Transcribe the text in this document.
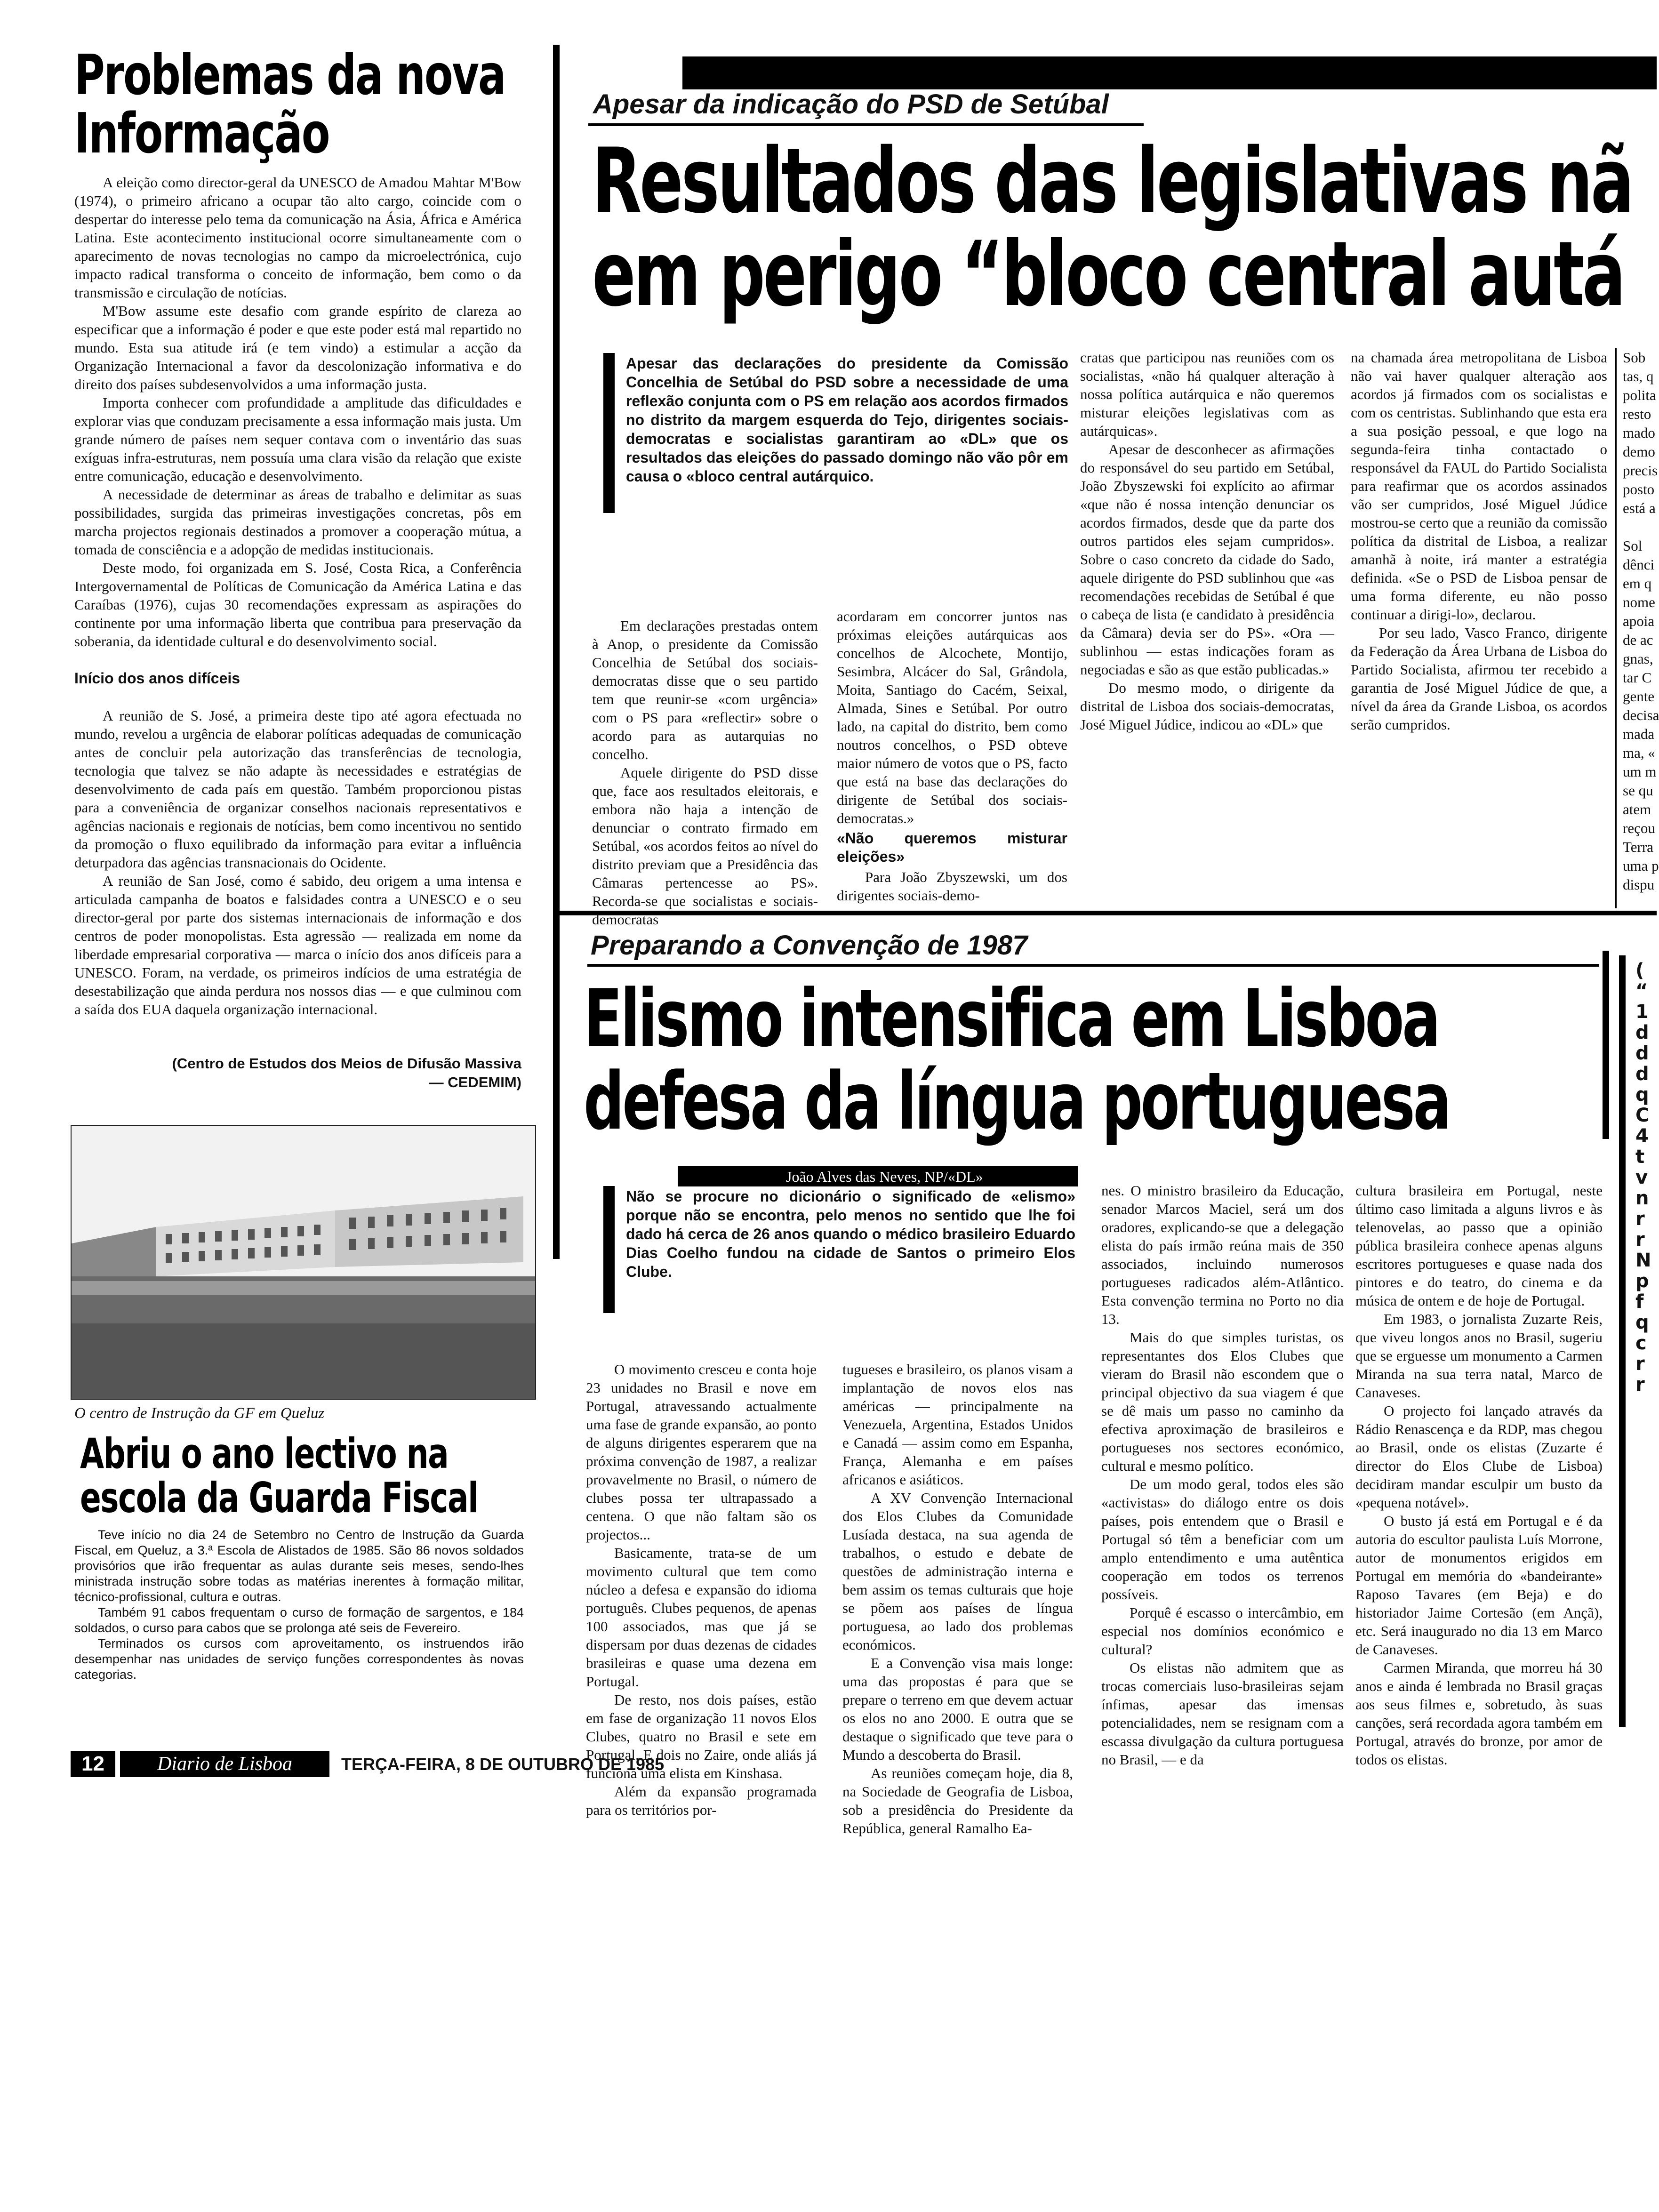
Problemas da nova
Informação

A eleição como director-geral da UNESCO de Amadou Mahtar M'Bow (1974), o primeiro africano a ocupar tão alto cargo, coincide com o despertar do interesse pelo tema da comunicação na Ásia, África e América Latina. Este acontecimento institucional ocorre simultaneamente com o aparecimento de novas tecnologias no campo da microelectrónica, cujo impacto radical transforma o conceito de informação, bem como o da transmissão e circulação de notícias.

M'Bow assume este desafio com grande espírito de clareza ao especificar que a informação é poder e que este poder está mal repartido no mundo. Esta sua atitude irá (e tem vindo) a estimular a acção da Organização Internacional a favor da descolonização informativa e do direito dos países subdesenvolvidos a uma informação justa.

Importa conhecer com profundidade a amplitude das dificuldades e explorar vias que conduzam precisamente a essa informação mais justa. Um grande número de países nem sequer contava com o inventário das suas exíguas infra-estruturas, nem possuía uma clara visão da relação que existe entre comunicação, educação e desenvolvimento.

A necessidade de determinar as áreas de trabalho e delimitar as suas possibilidades, surgida das primeiras investigações concretas, pôs em marcha projectos regionais destinados a promover a cooperação mútua, a tomada de consciência e a adopção de medidas institucionais.

Deste modo, foi organizada em S. José, Costa Rica, a Conferência Intergovernamental de Políticas de Comunicação da América Latina e das Caraíbas (1976), cujas 30 recomendações expressam as aspirações do continente por uma informação liberta que contribua para preservação da soberania, da identidade cultural e do desenvolvimento social.

Início dos anos difíceis

A reunião de S. José, a primeira deste tipo até agora efectuada no mundo, revelou a urgência de elaborar políticas adequadas de comunicação antes de concluir pela autorização das transferências de tecnologia, tecnologia que talvez se não adapte às necessidades e estratégias de desenvolvimento de cada país em questão. Também proporcionou pistas para a conveniência de organizar conselhos nacionais representativos e agências nacionais e regionais de notícias, bem como incentivou no sentido da promoção o fluxo equilibrado da informação para evitar a influência deturpadora das agências transnacionais do Ocidente.

A reunião de San José, como é sabido, deu origem a uma intensa e articulada campanha de boatos e falsidades contra a UNESCO e o seu director-geral por parte dos sistemas internacionais de informação e dos centros de poder monopolistas. Esta agressão — realizada em nome da liberdade empresarial corporativa — marca o início dos anos difíceis para a UNESCO. Foram, na verdade, os primeiros indícios de uma estratégia de desestabilização que ainda perdura nos nossos dias — e que culminou com a saída dos EUA daquela organização internacional.

(Centro de Estudos dos Meios de Difusão Massiva
— CEDEMIM)
O centro de Instrução da GF em Queluz
Abriu o ano lectivo na
escola da Guarda Fiscal

Teve início no dia 24 de Setembro no Centro de Instrução da Guarda Fiscal, em Queluz, a 3.ª Escola de Alistados de 1985. São 86 novos soldados provisórios que irão frequentar as aulas durante seis meses, sendo-lhes ministrada instrução sobre todas as matérias inerentes à formação militar, técnico-profissional, cultura e outras.

Também 91 cabos frequentam o curso de formação de sargentos, e 184 soldados, o curso para cabos que se prolonga até seis de Fevereiro.

Terminados os cursos com aproveitamento, os instruendos irão desempenhar nas unidades de serviço funções correspondentes às novas categorias.

12	Diario de Lisboa	TERÇA-FEIRA, 8 DE OUTUBRO DE 1985
Apesar da indicação do PSD de Setúbal
Resultados das legislativas nã
em perigo “bloco central autá
Apesar das declarações do presidente da Comissão Concelhia de Setúbal do PSD sobre a necessidade de uma reflexão conjunta com o PS em relação aos acordos firmados no distrito da margem esquerda do Tejo, dirigentes sociais-democratas e socialistas garantiram ao «DL» que os resultados das eleições do passado domingo não vão pôr em causa o «bloco central autárquico.

Em declarações prestadas ontem à Anop, o presidente da Comissão Concelhia de Setúbal dos sociais-democratas disse que o seu partido tem que reunir-se «com urgência» com o PS para «reflectir» sobre o acordo para as autarquias no concelho.

Aquele dirigente do PSD disse que, face aos resultados eleitorais, e embora não haja a intenção de denunciar o contrato firmado em Setúbal, «os acordos feitos ao nível do distrito previam que a Presidência das Câmaras pertencesse ao PS». Recorda-se que socialistas e sociais-democratas

acordaram em concorrer juntos nas próximas eleições autárquicas aos concelhos de Alcochete, Montijo, Sesimbra, Alcácer do Sal, Grândola, Moita, Santiago do Cacém, Seixal, Almada, Sines e Setúbal. Por outro lado, na capital do distrito, bem como noutros concelhos, o PSD obteve maior número de votos que o PS, facto que está na base das declarações do dirigente de Setúbal dos sociais-democratas.»

«Não queremos misturar eleições»

Para João Zbyszewski, um dos dirigentes sociais-demo-

cratas que participou nas reuniões com os socialistas, «não há qualquer alteração à nossa política autárquica e não queremos misturar eleições legislativas com as autárquicas».

Apesar de desconhecer as afirmações do responsável do seu partido em Setúbal, João Zbyszewski foi explícito ao afirmar «que não é nossa intenção denunciar os acordos firmados, desde que da parte dos outros partidos eles sejam cumpridos». Sobre o caso concreto da cidade do Sado, aquele dirigente do PSD sublinhou que «as recomendações recebidas de Setúbal é que o cabeça de lista (e candidato à presidência da Câmara) devia ser do PS». «Ora — sublinhou — estas indicações foram as negociadas e são as que estão publicadas.»

Do mesmo modo, o dirigente da distrital de Lisboa dos sociais-democratas, José Miguel Júdice, indicou ao «DL» que

na chamada área metropolitana de Lisboa não vai haver qualquer alteração aos acordos já firmados com os socialistas e com os centristas. Sublinhando que esta era a sua posição pessoal, e que logo na segunda-feira tinha contactado o responsável da FAUL do Partido Socialista para reafirmar que os acordos assinados vão ser cumpridos, José Miguel Júdice mostrou-se certo que a reunião da comissão política da distrital de Lisboa, a realizar amanhã à noite, irá manter a estratégia definida. «Se o PSD de Lisboa pensar de uma forma diferente, eu não posso continuar a dirigi-lo», declarou.

Por seu lado, Vasco Franco, dirigente da Federação da Área Urbana de Lisboa do Partido Socialista, afirmou ter recebido a garantia de José Miguel Júdice de que, a nível da área da Grande Lisboa, os acordos serão cumpridos.

Sob
tas, q
polita
resto
mado
demo
precis
posto
está a
Sol
dênci
em q
nome
apoia
de ac
gnas,
tar C
gente
decisa
mada
ma, «
um m
se qu
atem
reçou
Terra
uma p
dispu
Preparando a Convenção de 1987
Elismo intensifica em Lisboa
defesa da língua portuguesa
João Alves das Neves, NP/«DL»
Não se procure no dicionário o significado de «elismo» porque não se encontra, pelo menos no sentido que lhe foi dado há cerca de 26 anos quando o médico brasileiro Eduardo Dias Coelho fundou na cidade de Santos o primeiro Elos Clube.

O movimento cresceu e conta hoje 23 unidades no Brasil e nove em Portugal, atravessando actualmente uma fase de grande expansão, ao ponto de alguns dirigentes esperarem que na próxima convenção de 1987, a realizar provavelmente no Brasil, o número de clubes possa ter ultrapassado a centena. O que não faltam são os projectos...

Basicamente, trata-se de um movimento cultural que tem como núcleo a defesa e expansão do idioma português. Clubes pequenos, de apenas 100 associados, mas que já se dispersam por duas dezenas de cidades brasileiras e quase uma dezena em Portugal.

De resto, nos dois países, estão em fase de organização 11 novos Elos Clubes, quatro no Brasil e sete em Portugal. E dois no Zaire, onde aliás já funciona uma elista em Kinshasa.

Além da expansão programada para os territórios por-

tugueses e brasileiro, os planos visam a implantação de novos elos nas américas — principalmente na Venezuela, Argentina, Estados Unidos e Canadá — assim como em Espanha, França, Alemanha e em países africanos e asiáticos.

A XV Convenção Internacional dos Elos Clubes da Comunidade Lusíada destaca, na sua agenda de trabalhos, o estudo e debate de questões de administração interna e bem assim os temas culturais que hoje se põem aos países de língua portuguesa, ao lado dos problemas económicos.

E a Convenção visa mais longe: uma das propostas é para que se prepare o terreno em que devem actuar os elos no ano 2000. E outra que se destaque o significado que teve para o Mundo a descoberta do Brasil.

As reuniões começam hoje, dia 8, na Sociedade de Geografia de Lisboa, sob a presidência do Presidente da República, general Ramalho Ea-

nes. O ministro brasileiro da Educação, senador Marcos Maciel, será um dos oradores, explicando-se que a delegação elista do país irmão reúna mais de 350 associados, incluindo numerosos portugueses radicados além-Atlântico. Esta convenção termina no Porto no dia 13.

Mais do que simples turistas, os representantes dos Elos Clubes que vieram do Brasil não escondem que o principal objectivo da sua viagem é que se dê mais um passo no caminho da efectiva aproximação de brasileiros e portugueses nos sectores económico, cultural e mesmo político.

De um modo geral, todos eles são «activistas» do diálogo entre os dois países, pois entendem que o Brasil e Portugal só têm a beneficiar com um amplo entendimento e uma autêntica cooperação em todos os terrenos possíveis.

Porquê é escasso o intercâmbio, em especial nos domínios económico e cultural?

Os elistas não admitem que as trocas comerciais luso-brasileiras sejam ínfimas, apesar das imensas potencialidades, nem se resignam com a escassa divulgação da cultura portuguesa no Brasil, — e da

cultura brasileira em Portugal, neste último caso limitada a alguns livros e às telenovelas, ao passo que a opinião pública brasileira conhece apenas alguns escritores portugueses e quase nada dos pintores e do teatro, do cinema e da música de ontem e de hoje de Portugal.

Em 1983, o jornalista Zuzarte Reis, que viveu longos anos no Brasil, sugeriu que se erguesse um monumento a Carmen Miranda na sua terra natal, Marco de Canaveses.

O projecto foi lançado através da Rádio Renascença e da RDP, mas chegou ao Brasil, onde os elistas (Zuzarte é director do Elos Clube de Lisboa) decidiram mandar esculpir um busto da «pequena notável».

O busto já está em Portugal e é da autoria do escultor paulista Luís Morrone, autor de monumentos erigidos em Portugal em memória do «bandeirante» Raposo Tavares (em Beja) e do historiador Jaime Cortesão (em Ançã), etc. Será inaugurado no dia 13 em Marco de Canaveses.

Carmen Miranda, que morreu há 30 anos e ainda é lembrada no Brasil graças aos seus filmes e, sobretudo, às suas canções, será recordada agora também em Portugal, através do bronze, por amor de todos os elistas.

(
“
1
d
d
d
q
C
4
t
v
n
r
r
N
p
f
q
c
r
r
